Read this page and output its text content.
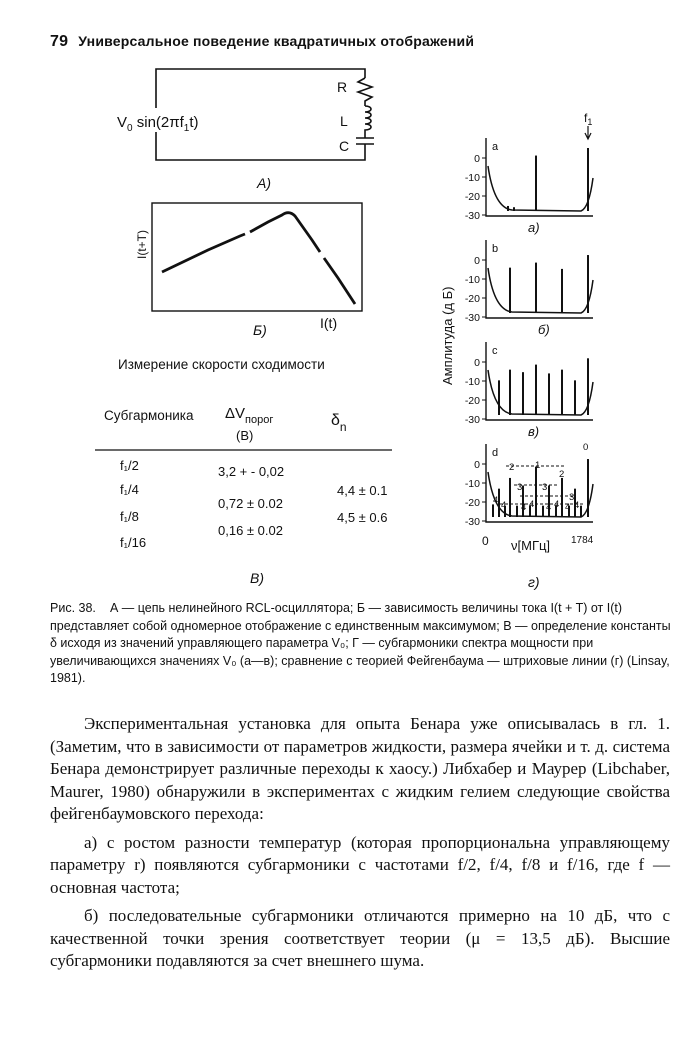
79 Универсальное поведение квадратичных отображений
$V_0$ $\sin(2\pi f_1t)$
R
L
C
А)
I(t+T)
I(t)
Б)
Измерение скорости сходимости
Субгармоника $\Delta V_{порог}$
(B)
$\delta_n$
f₁/2
f₁/4
f₁/8
f₁/16
3,2 + - 0,02
0,72 ± 0.02
0,16 ± 0.02
4,4 ± 0.1
4,5 ± 0.6
В)
Амплитуда (д Б)
$f_1$
0
-10
-20
-30
a
а)
0
-10
-20
-30
b
б)
0
-10
-20
-30
c
в)
0
-10
-20
-30
d
2 1
2
0
3 3
3
4 4 4 4 4 4 4 4
0 ν[МГц] 1784
г)
Рис. 38. А — цепь нелинейного RCL-осциллятора; Б — зависимость величины тока I(t + T) от I(t) представляет собой одномерное отображение с единственным максимумом; В — определение константы δ исходя из значений управляющего параметра V₀; Г — субгармоники спектра мощности при увеличивающихся значениях V₀ (а—в); сравнение с теорией Фейгенбаума — штриховые линии (г) (Linsay, 1981).

Экспериментальная установка для опыта Бенара уже описывалась в гл. 1. (Заметим, что в зависимости от параметров жидкости, размера ячейки и т. д. система Бенара демонстрирует различные переходы к хаосу.) Либхабер и Маурер (Libchaber, Maurer, 1980) обнаружили в экспериментах с жидким гелием следующие свойства фейгенбаумовского перехода:

а) с ростом разности температур (которая пропорциональна управляющему параметру r) появляются субгармоники с частотами f/2, f/4, f/8 и f/16, где f — основная частота;

б) последовательные субгармоники отличаются примерно на 10 дБ, что с качественной точки зрения соответствует теории (μ = 13,5 дБ). Высшие субгармоники подавляются за счет внешнего шума.
